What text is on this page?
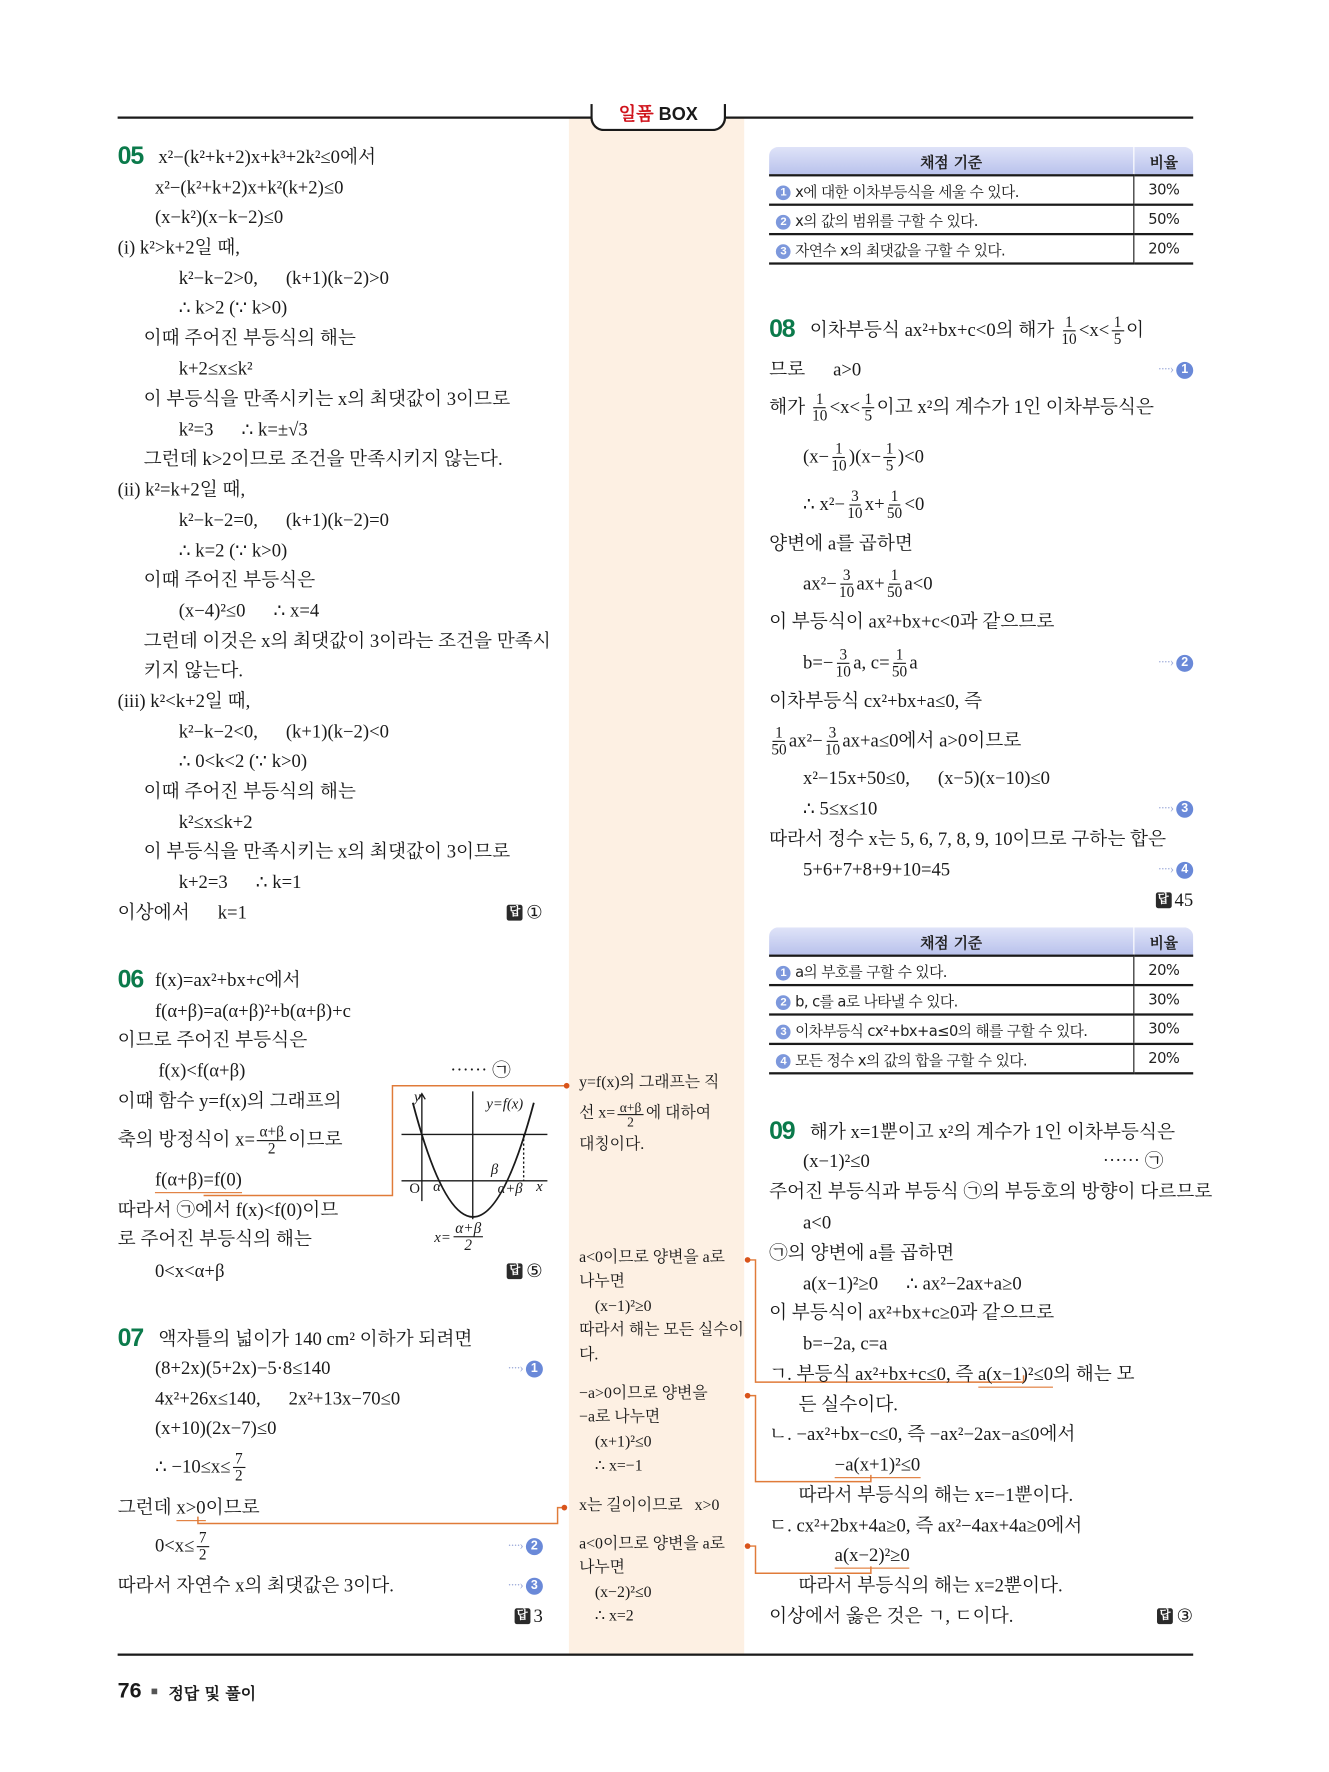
일품 BOX
채점 기준	비율
1 x에 대한 이차부등식을 세울 수 있다.	30%
2 x의 값의 범위를 구할 수 있다.	50%
3 자연수 x의 최댓값을 구할 수 있다.	20%
채점 기준	비율
1 a의 부호를 구할 수 있다.	20%
2 b, c를 a로 나타낼 수 있다.	30%
3 이차부등식 cx²+bx+a≤0의 해를 구할 수 있다.	30%
4 모든 정수 x의 값의 합을 구할 수 있다.	20%
y	y=f(x)
O α
β
α+β x
$x= \frac{\alpha+\beta}{2}$
05 x²−(k²+k+2)x+k³+2k²≤0에서
x²−(k²+k+2)x+k²(k+2)≤0
(x−k²)(x−k−2)≤0
(i) k²>k+2일 때,
k²−k−2>0,      (k+1)(k−2)>0
∴ k>2 (∵ k>0)
이때 주어진 부등식의 해는
k+2≤x≤k²
이 부등식을 만족시키는 x의 최댓값이 3이므로
k²=3      ∴ k=±√3
그런데 k>2이므로 조건을 만족시키지 않는다.
(ii) k²=k+2일 때,
k²−k−2=0,      (k+1)(k−2)=0
∴ k=2 (∵ k>0)
이때 주어진 부등식은
(x−4)²≤0      ∴ x=4
그런데 이것은 x의 최댓값이 3이라는 조건을 만족시
키지 않는다.
(iii) k²<k+2일 때,
k²−k−2<0,      (k+1)(k−2)<0
∴ 0<k<2 (∵ k>0)
이때 주어진 부등식의 해는
k²≤x≤k+2
이 부등식을 만족시키는 x의 최댓값이 3이므로
k+2=3      ∴ k=1
이상에서      k=1	답 ①
06 f(x)=ax²+bx+c에서
f(α+β)=a(α+β)²+b(α+β)+c
이므로 주어진 부등식은
f(x)<f(α+β)	⋯⋯ ㉠
이때 함수 y=f(x)의 그래프의
축의 방정식이 $x= \frac{\alpha+\beta}{2}$ 이므로
f(α+β)=f(0)
따라서 ㉠에서 f(x)<f(0)이므
로 주어진 부등식의 해는
0<x<α+β	답 ⑤
07 액자틀의 넓이가 140 cm² 이하가 되려면
(8+2x)(5+2x)−5·8≤140	····› 1
4x²+26x≤140,      2x²+13x−70≤0
(x+10)(2x−7)≤0
∴ $-10\le x\le \frac{7}{2}$
그런데 x>0 이므로
$0<x\le \frac{7}{2}$	····› 2
따라서 자연수 x의 최댓값은 3이다.	····› 3
답 3
08 이차부등식 ax²+bx+c<0의 해가 $\frac{1}{10} <x< \frac{1}{5}$ 이
므로      a>0	····› 1
해가 $\frac{1}{10} <x< \frac{1}{5}$ 이고 x²의 계수가 1인 이차부등식은
$(x- \frac{1}{10} )(x- \frac{1}{5} )<0$
∴ $x^2- \frac{3}{10} x+ \frac{1}{50} <0$
양변에 a를 곱하면
$ax^2- \frac{3}{10} ax+ \frac{1}{50} a<0$
이 부등식이 ax²+bx+c<0과 같으므로
$b=- \frac{3}{10} a$, $c= \frac{1}{50}$ a	····› 2
이차부등식 cx²+bx+a≤0, 즉
$\frac{1}{50} ax^2- \frac{3}{10} ax+a\le 0$에서 a>0이므로
x²−15x+50≤0,      (x−5)(x−10)≤0
∴ 5≤x≤10	····› 3
따라서 정수 x는 5, 6, 7, 8, 9, 10이므로 구하는 합은
5+6+7+8+9+10=45	····› 4
답 45
09 해가 x=1뿐이고 x²의 계수가 1인 이차부등식은
(x−1)²≤0	⋯⋯ ㉠
주어진 부등식과 부등식 ㉠의 부등호의 방향이 다르므로
a<0
㉠의 양변에 a를 곱하면
a(x−1)²≥0      ∴ ax²−2ax+a≥0
이 부등식이 ax²+bx+c≥0과 같으므로
b=−2a, c=a
ㄱ. 부등식 ax²+bx+c≤0, 즉 a(x−1)²≤0 의 해는 모
든 실수이다.
ㄴ. −ax²+bx−c≤0, 즉 −ax²−2ax−a≤0에서
−a(x+1)²≤0
따라서 부등식의 해는 x=−1뿐이다.
ㄷ. cx²+2bx+4a≥0, 즉 ax²−4ax+4a≥0에서
a(x−2)²≥0
따라서 부등식의 해는 x=2뿐이다.
이상에서 옳은 것은 ㄱ, ㄷ이다.	답 ③
y=f(x)의 그래프는 직
선 $x= \frac{\alpha+\beta}{2}$ 에 대하여
대칭이다.
a<0이므로 양변을 a로
나누면
(x−1)²≥0
따라서 해는 모든 실수이
다.
−a>0이므로 양변을
−a로 나누면
(x+1)²≤0
∴ x=−1
x는 길이이므로   x>0
a<0이므로 양변을 a로
나누면
(x−2)²≤0
∴ x=2
76 정답 및 풀이
